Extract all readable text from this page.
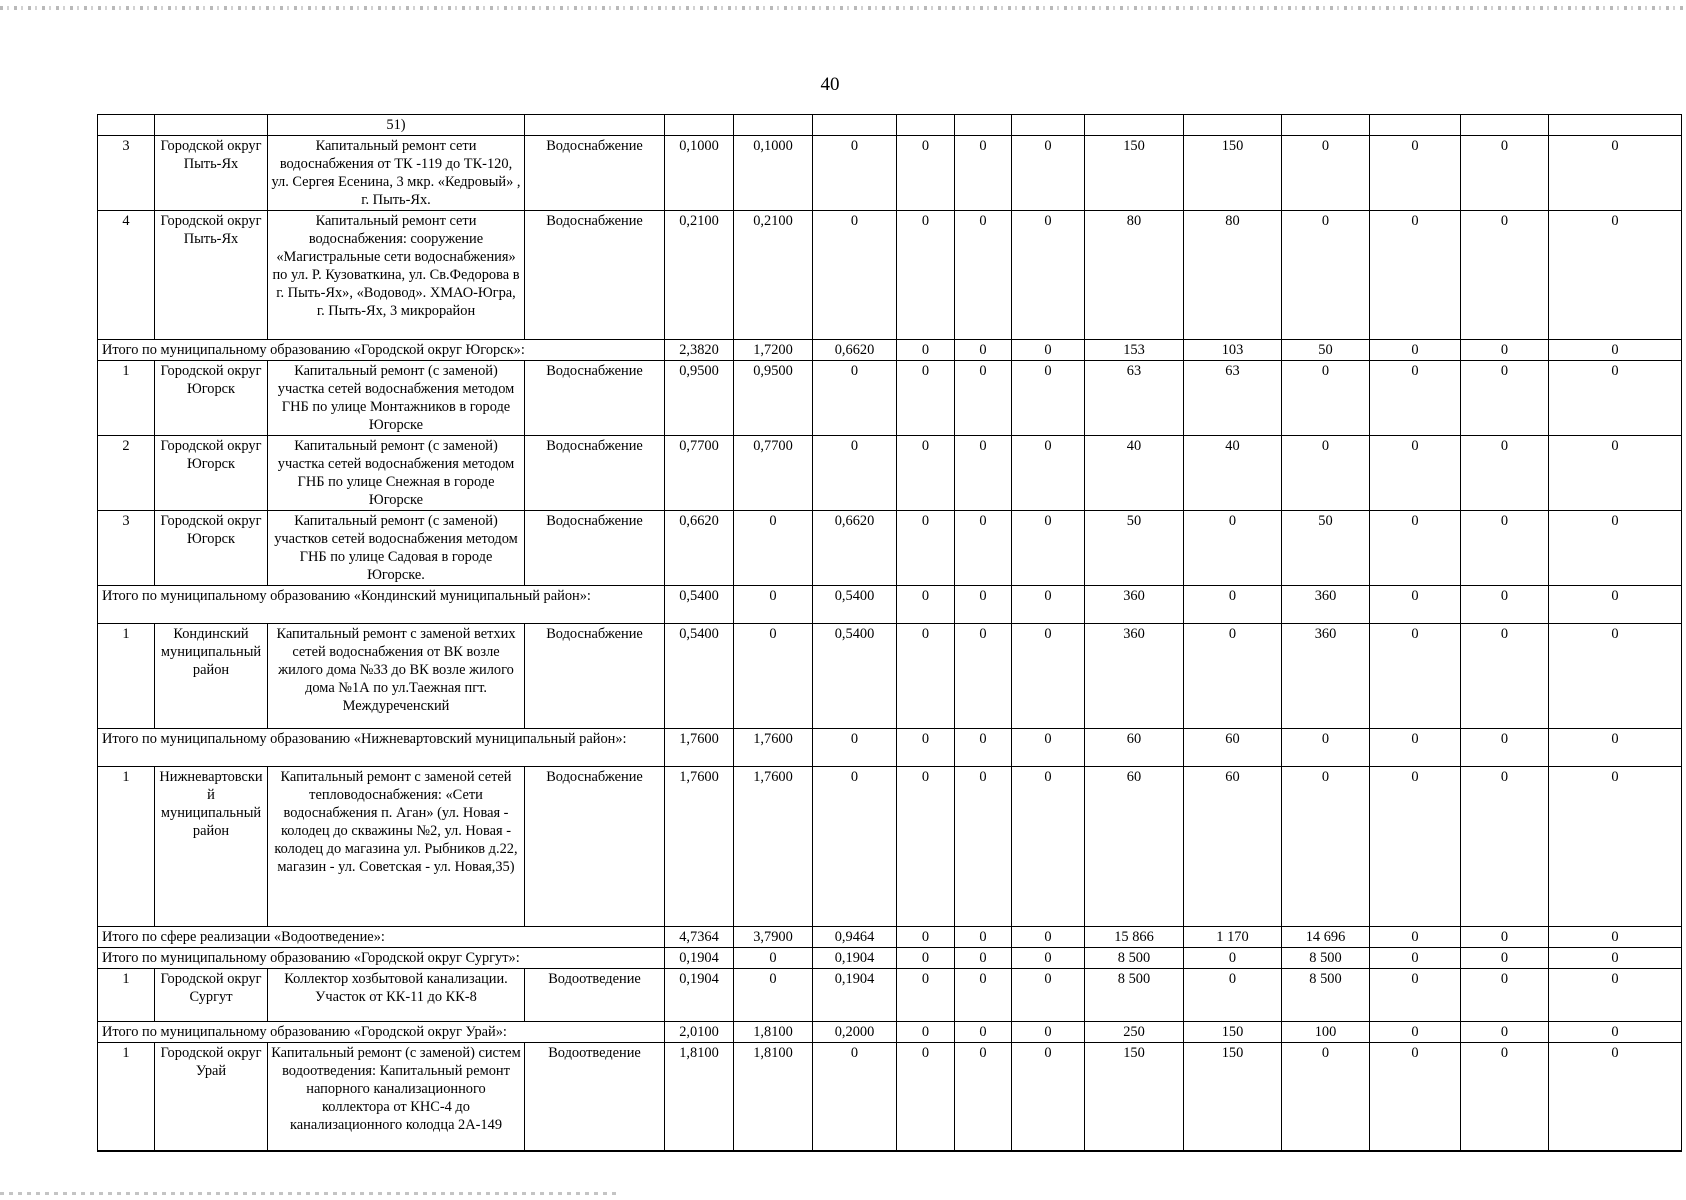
40
		51)													
3	Городской округ Пыть-Ях	Капитальный ремонт сети водоснабжения от ТК -119 до ТК-120, ул. Сергея Есенина, 3 мкр. «Кедровый» , г. Пыть-Ях.	Водоснабжение	0,1000	0,1000	0	0	0	0	150	150	0	0	0	0
4	Городской округ Пыть-Ях	Капитальный ремонт сети водоснабжения: сооружение «Магистральные сети водоснабжения» по ул. Р. Кузоваткина, ул. Св.Федорова в г. Пыть-Ях», «Водовод». ХМАО-Югра, г. Пыть-Ях, 3 микрорайон	Водоснабжение	0,2100	0,2100	0	0	0	0	80	80	0	0	0	0
Итого по муниципальному образованию «Городской округ Югорск»:				2,3820	1,7200	0,6620	0	0	0	153	103	50	0	0	0
1	Городской округ Югорск	Капитальный ремонт (с заменой) участка сетей водоснабжения методом ГНБ по улице Монтажников в городе Югорске	Водоснабжение	0,9500	0,9500	0	0	0	0	63	63	0	0	0	0
2	Городской округ Югорск	Капитальный ремонт (с заменой) участка сетей водоснабжения методом ГНБ по улице Снежная в городе Югорске	Водоснабжение	0,7700	0,7700	0	0	0	0	40	40	0	0	0	0
3	Городской округ Югорск	Капитальный ремонт (с заменой) участков сетей водоснабжения методом ГНБ по улице Садовая в городе Югорске.	Водоснабжение	0,6620	0	0,6620	0	0	0	50	0	50	0	0	0
Итого по муниципальному образованию «Кондинский муниципальный район»:				0,5400	0	0,5400	0	0	0	360	0	360	0	0	0
1	Кондинский муниципальный район	Капитальный ремонт с заменой ветхих сетей водоснабжения от ВК возле жилого дома №33 до ВК возле жилого дома №1А по ул.Таежная пгт. Междуреченский	Водоснабжение	0,5400	0	0,5400	0	0	0	360	0	360	0	0	0
Итого по муниципальному образованию «Нижневартовский муниципальный район»:				1,7600	1,7600	0	0	0	0	60	60	0	0	0	0
1	Нижневартовский муниципальный район	Капитальный ремонт с заменой сетей тепловодоснабжения: «Сети водоснабжения п. Аган» (ул. Новая - колодец до скважины №2, ул. Новая - колодец до магазина ул. Рыбников д.22, магазин - ул. Советская - ул. Новая,35)	Водоснабжение	1,7600	1,7600	0	0	0	0	60	60	0	0	0	0
Итого по сфере реализации «Водоотведение»:				4,7364	3,7900	0,9464	0	0	0	15 866	1 170	14 696	0	0	0
Итого по муниципальному образованию «Городской округ Сургут»:				0,1904	0	0,1904	0	0	0	8 500	0	8 500	0	0	0
1	Городской округ Сургут	Коллектор хозбытовой канализации. Участок от КК-11 до КК-8	Водоотведение	0,1904	0	0,1904	0	0	0	8 500	0	8 500	0	0	0
Итого по муниципальному образованию «Городской округ Урай»:				2,0100	1,8100	0,2000	0	0	0	250	150	100	0	0	0
1	Городской округ Урай	Капитальный ремонт (с заменой) систем водоотведения: Капитальный ремонт напорного канализационного коллектора от КНС-4 до канализационного колодца 2А-149	Водоотведение	1,8100	1,8100	0	0	0	0	150	150	0	0	0	0
